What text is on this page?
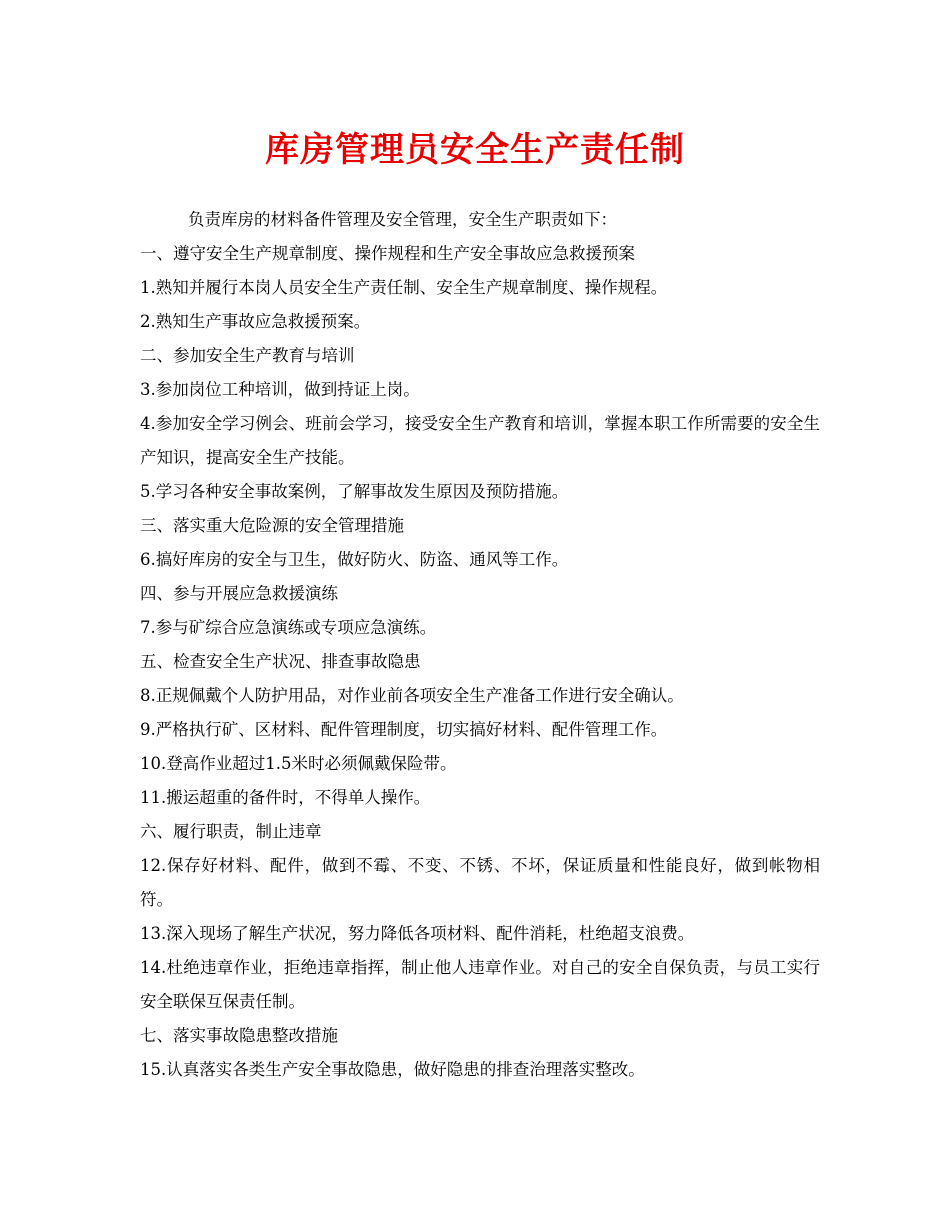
库房管理员安全生产责任制

负责库房的材料备件管理及安全管理，安全生产职责如下：

一、遵守安全生产规章制度、操作规程和生产安全事故应急救援预案

1.熟知并履行本岗人员安全生产责任制、安全生产规章制度、操作规程。

2.熟知生产事故应急救援预案。

二、参加安全生产教育与培训

3.参加岗位工种培训，做到持证上岗。

4.参加安全学习例会、班前会学习，接受安全生产教育和培训，掌握本职工作所需要的安全生产知识，提高安全生产技能。

5.学习各种安全事故案例，了解事故发生原因及预防措施。

三、落实重大危险源的安全管理措施

6.搞好库房的安全与卫生，做好防火、防盗、通风等工作。

四、参与开展应急救援演练

7.参与矿综合应急演练或专项应急演练。

五、检查安全生产状况、排查事故隐患

8.正规佩戴个人防护用品，对作业前各项安全生产准备工作进行安全确认。

9.严格执行矿、区材料、配件管理制度，切实搞好材料、配件管理工作。

10.登高作业超过1.5米时必须佩戴保险带。

11.搬运超重的备件时，不得单人操作。

六、履行职责，制止违章

12.保存好材料、配件，做到不霉、不变、不锈、不坏，保证质量和性能良好，做到帐物相符。

13.深入现场了解生产状况，努力降低各项材料、配件消耗，杜绝超支浪费。

14.杜绝违章作业，拒绝违章指挥，制止他人违章作业。对自己的安全自保负责，与员工实行安全联保互保责任制。

七、落实事故隐患整改措施

15.认真落实各类生产安全事故隐患，做好隐患的排查治理落实整改。
